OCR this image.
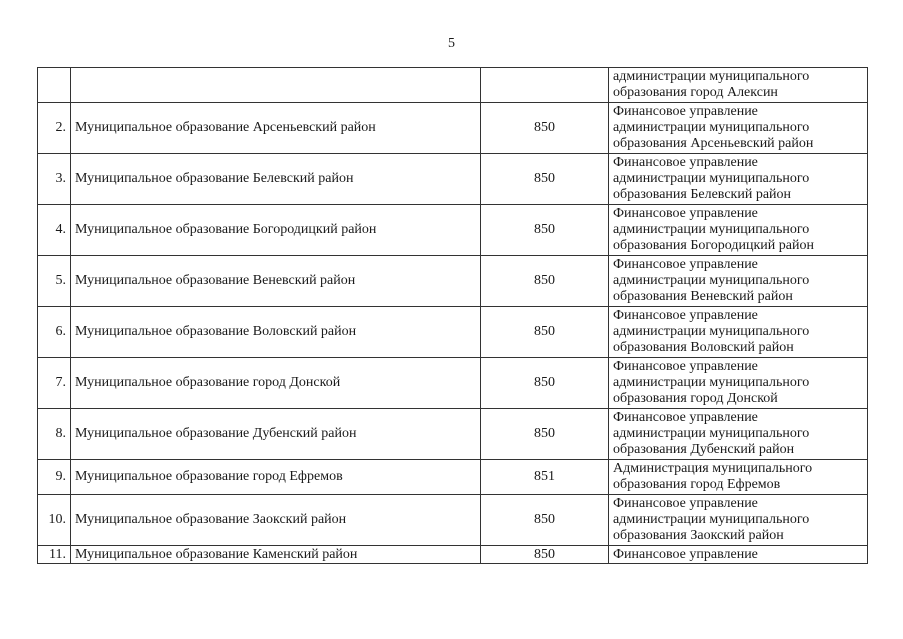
5

			администрации муниципального
образования город Алексин

2.	Муниципальное образование Арсеньевский район	850	Финансовое управление
администрации муниципального
образования Арсеньевский район

3.	Муниципальное образование Белевский район	850	Финансовое управление
администрации муниципального
образования Белевский район

4.	Муниципальное образование Богородицкий район	850	Финансовое управление
администрации муниципального
образования Богородицкий район

5.	Муниципальное образование Веневский район	850	Финансовое управление
администрации муниципального
образования Веневский район

6.	Муниципальное образование Воловский район	850	Финансовое управление
администрации муниципального
образования Воловский район

7.	Муниципальное образование город Донской	850	Финансовое управление
администрации муниципального
образования город Донской

8.	Муниципальное образование Дубенский район	850	Финансовое управление
администрации муниципального
образования Дубенский район

9.	Муниципальное образование город Ефремов	851	Администрация муниципального
образования город Ефремов

10.	Муниципальное образование Заокский район	850	Финансовое управление
администрации муниципального
образования Заокский район

11.	Муниципальное образование Каменский район	850	Финансовое управление
